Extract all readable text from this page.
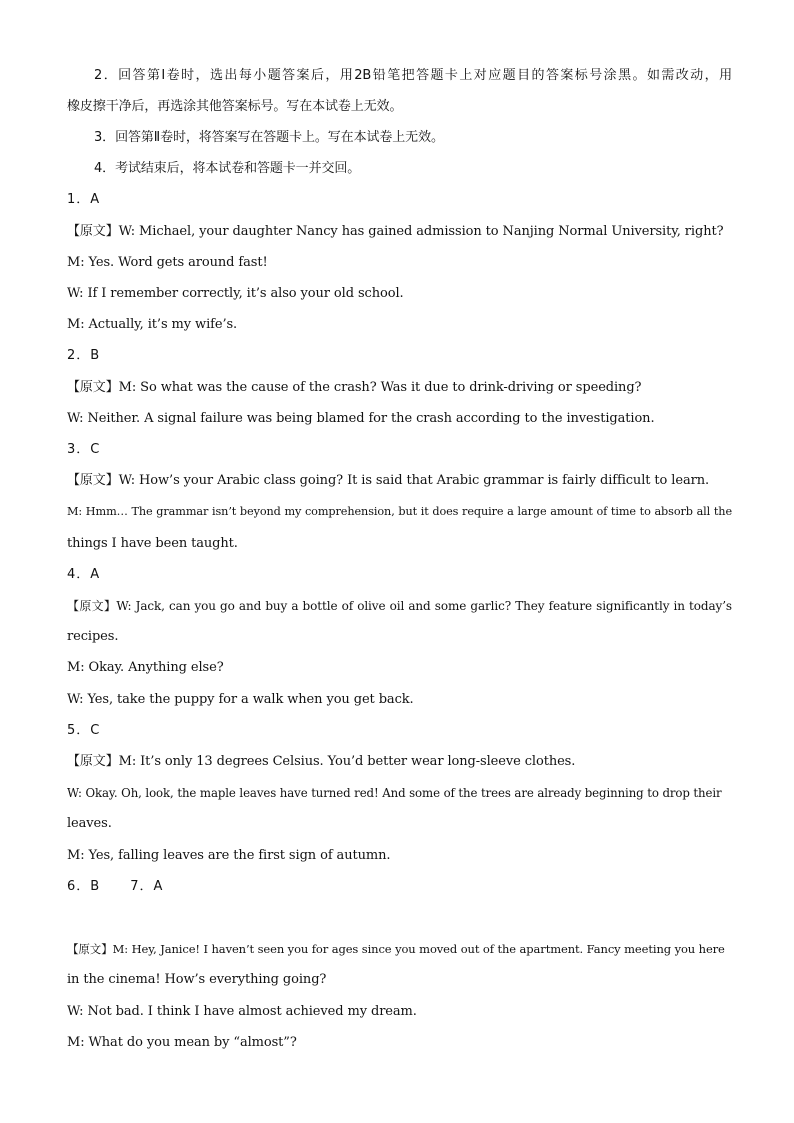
2．回答第Ⅰ卷时，选出每小题答案后，用2B铅笔把答题卡上对应题目的答案标号涂黑。如需改动，用
橡皮擦干净后，再选涂其他答案标号。写在本试卷上无效。
3．回答第Ⅱ卷时，将答案写在答题卡上。写在本试卷上无效。
4．考试结束后，将本试卷和答题卡一并交回。
1．A
【原文】W: Michael, your daughter Nancy has gained admission to Nanjing Normal University, right?
M: Yes. Word gets around fast!
W: If I remember correctly, it’s also your old school.
M: Actually, it’s my wife’s.
2．B
【原文】M: So what was the cause of the crash? Was it due to drink-driving or speeding?
W: Neither. A signal failure was being blamed for the crash according to the investigation.
3．C
【原文】W: How’s your Arabic class going? It is said that Arabic grammar is fairly difficult to learn.
M: Hmm… The grammar isn’t beyond my comprehension, but it does require a large amount of time to absorb all the
things I have been taught.
4．A
【原文】W: Jack, can you go and buy a bottle of olive oil and some garlic? They feature significantly in today’s
recipes.
M: Okay. Anything else?
W: Yes, take the puppy for a walk when you get back.
5．C
【原文】M: It’s only 13 degrees Celsius. You’d better wear long-sleeve clothes.
W: Okay. Oh, look, the maple leaves have turned red! And some of the trees are already beginning to drop their
leaves.
M: Yes, falling leaves are the first sign of autumn.
6．B 7．A
【原文】M: Hey, Janice! I haven’t seen you for ages since you moved out of the apartment. Fancy meeting you here
in the cinema! How’s everything going?
W: Not bad. I think I have almost achieved my dream.
M: What do you mean by “almost”?
